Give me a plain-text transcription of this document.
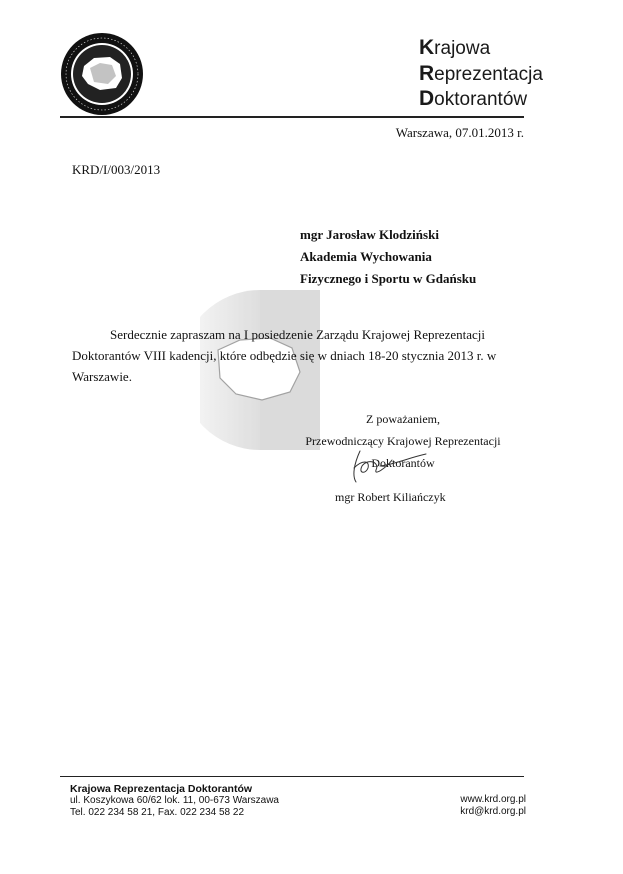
Krajowa
Reprezentacja
Doktorantów
Warszawa, 07.01.2013 r.
KRD/I/003/2013
mgr Jarosław Klodziński
Akademia Wychowania
Fizycznego i Sportu w Gdańsku
Serdecznie zapraszam na I posiedzenie Zarządu Krajowej Reprezentacji Doktorantów VIII kadencji, które odbędzie się w dniach 18-20 stycznia 2013 r. w Warszawie.
Z poważaniem,
Przewodniczący Krajowej Reprezentacji Doktorantów
mgr Robert Kiliańczyk
Krajowa Reprezentacja Doktorantów
ul. Koszykowa 60/62 lok. 11, 00-673 Warszawa
Tel. 022 234 58 21, Fax. 022 234 58 22
www.krd.org.pl
krd@krd.org.pl
